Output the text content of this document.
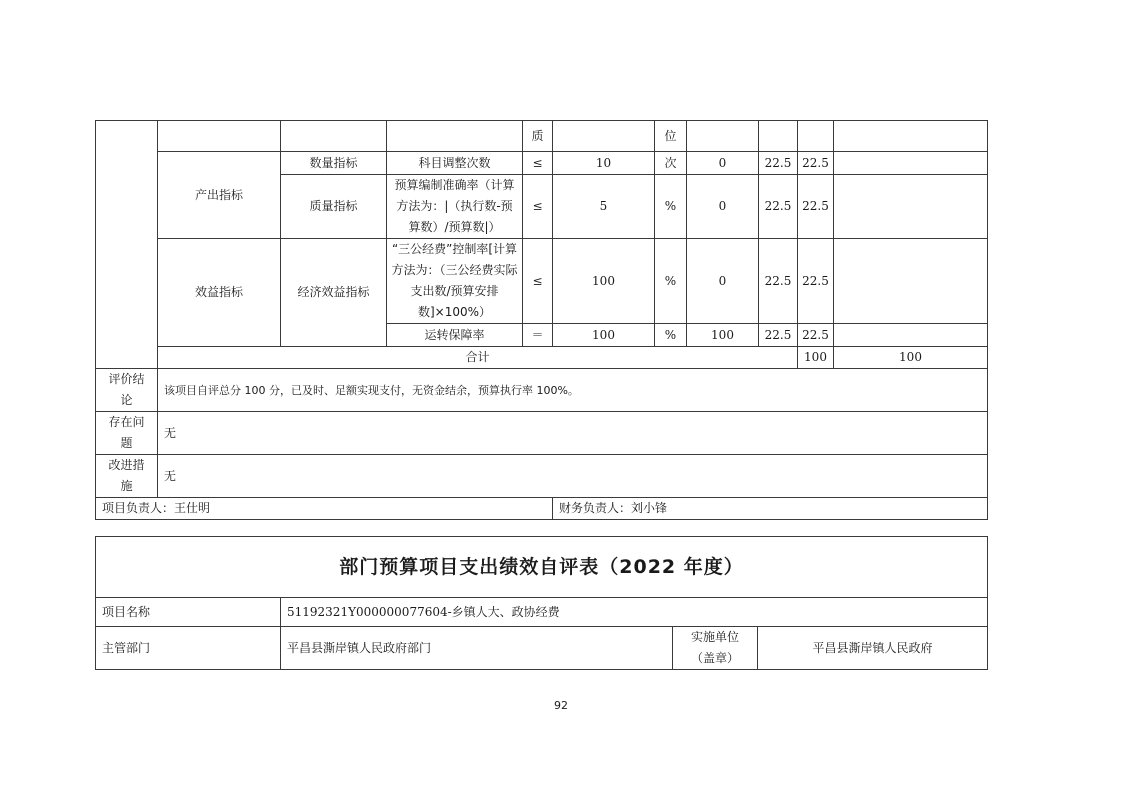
				质		位					
	产出指标	数量指标	科目调整次数	≤	10	次	0	22.5	22.5		
		质量指标	预算编制准确率（计算方法为：|（执行数-预算数）/预算数|）	≤	5	%	0	22.5	22.5		
	效益指标	经济效益指标	“三公经费”控制率[计算方法为：（三公经费实际支出数/预算安排数]×100%）	≤	100	%	0	22.5	22.5		
			运转保障率	＝	100	%	100	22.5	22.5		
	合计								100	100	
评价结论	该项目自评总分 100 分，已及时、足额实现支付，无资金结余，预算执行率 100%。										
存在问题	无										
改进措施	无										
项目负责人：王仕明					财务负责人：刘小锋						
部门预算项目支出绩效自评表（2022 年度）			
项目名称	51192321Y000000077604-乡镇人大、政协经费		
主管部门	平昌县澌岸镇人民政府部门	实施单位（盖章）	平昌县澌岸镇人民政府
92
